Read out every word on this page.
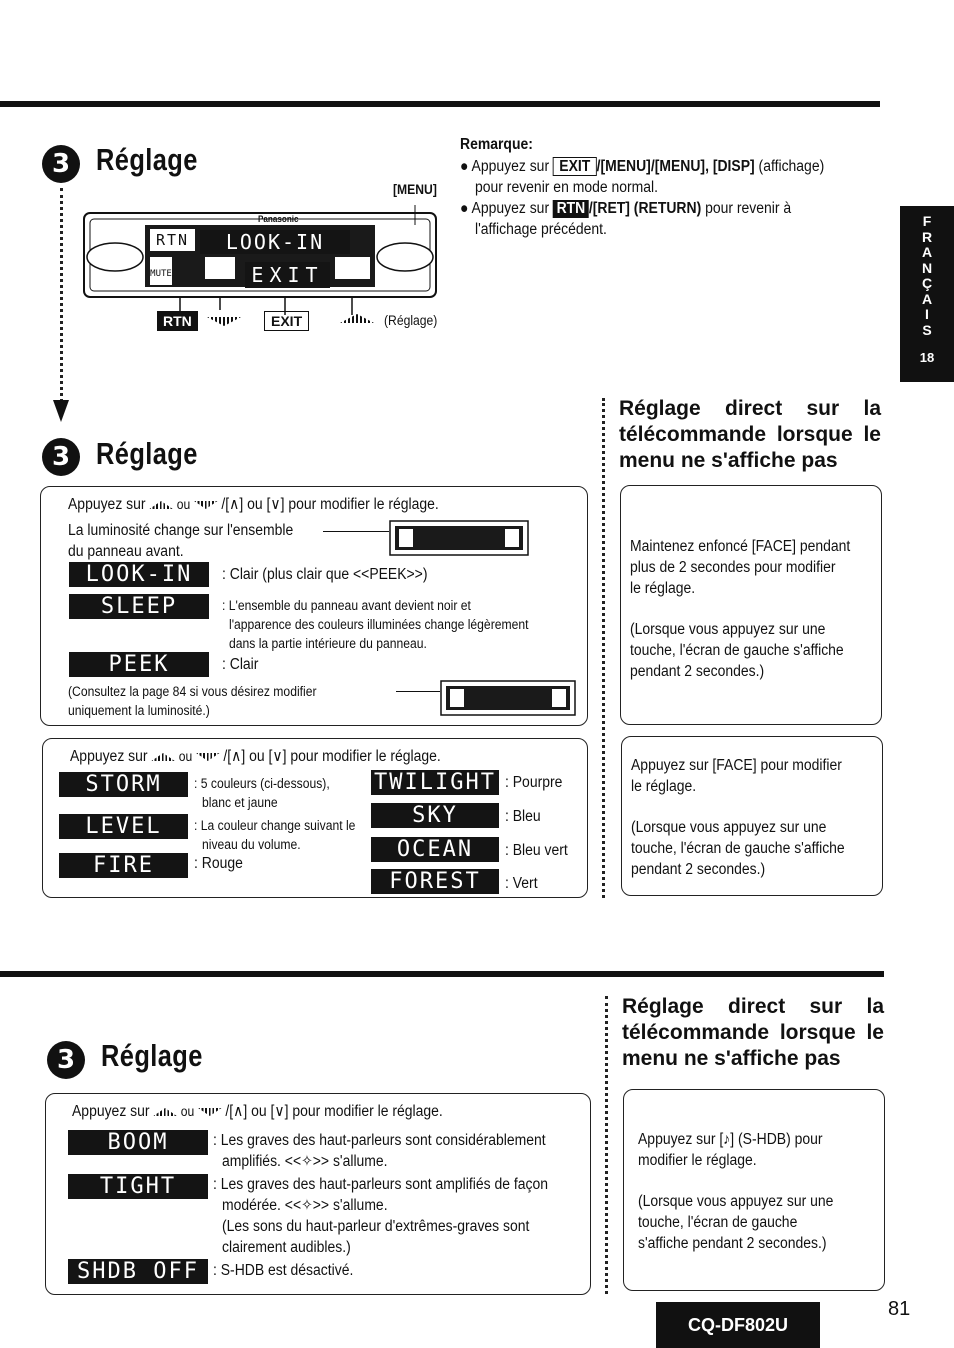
F
R
A
N
Ç
A
I
S
18
3 Réglage
[MENU]
RTN	LOOK-IN
Panasonic
MUTE	EXIT
RTN	EXIT	(Réglage)
Remarque:
● Appuyez sur EXIT /[MENU]/[MENU], [DISP] (affichage)
pour revenir en mode normal.
● Appuyez sur RTN /[RET] (RETURN) pour revenir à
l'affichage précédent.
3 Réglage
Appuyez sur ou /[∧] ou [∨] pour modifier le réglage.
La luminosité change sur l'ensemble
du panneau avant.
LOOK-IN	: Clair (plus clair que <<PEEK>>)
SLEEP	: L'ensemble du panneau avant devient noir et
l'apparence des couleurs illuminées change légèrement
dans la partie intérieure du panneau.
PEEK	: Clair
(Consultez la page 84 si vous désirez modifier
uniquement la luminosité.)
Appuyez sur ou /[∧] ou [∨] pour modifier le réglage.
STORM	: 5 couleurs (ci-dessous),
blanc et jaune
LEVEL	: La couleur change suivant le
niveau du volume.
FIRE	: Rouge
TWILIGHT : Pourpre
SKY	: Bleu
OCEAN	: Bleu vert
FOREST	: Vert
Réglage direct sur la
télécommande lorsque le
menu ne s'affiche pas
Maintenez enfoncé [FACE] pendant
plus de 2 secondes pour modifier
le réglage.
(Lorsque vous appuyez sur une
touche, l'écran de gauche s'affiche
pendant 2 secondes.)
Appuyez sur [FACE] pour modifier
le réglage.
(Lorsque vous appuyez sur une
touche, l'écran de gauche s'affiche
pendant 2 secondes.)
3 Réglage
Appuyez sur ou /[∧] ou [∨] pour modifier le réglage.
BOOM	: Les graves des haut-parleurs sont considérablement
amplifiés. <<✧>> s'allume.
TIGHT	: Les graves des haut-parleurs sont amplifiés de façon
modérée. <<✧>> s'allume.
(Les sons du haut-parleur d'extrêmes-graves sont
clairement audibles.)
SHDB OFF : S-HDB est désactivé.
Réglage direct sur la
télécommande lorsque le
menu ne s'affiche pas
Appuyez sur [♪] (S-HDB) pour
modifier le réglage.
(Lorsque vous appuyez sur une
touche, l'écran de gauche
s'affiche pendant 2 secondes.)
CQ-DF802U
81
